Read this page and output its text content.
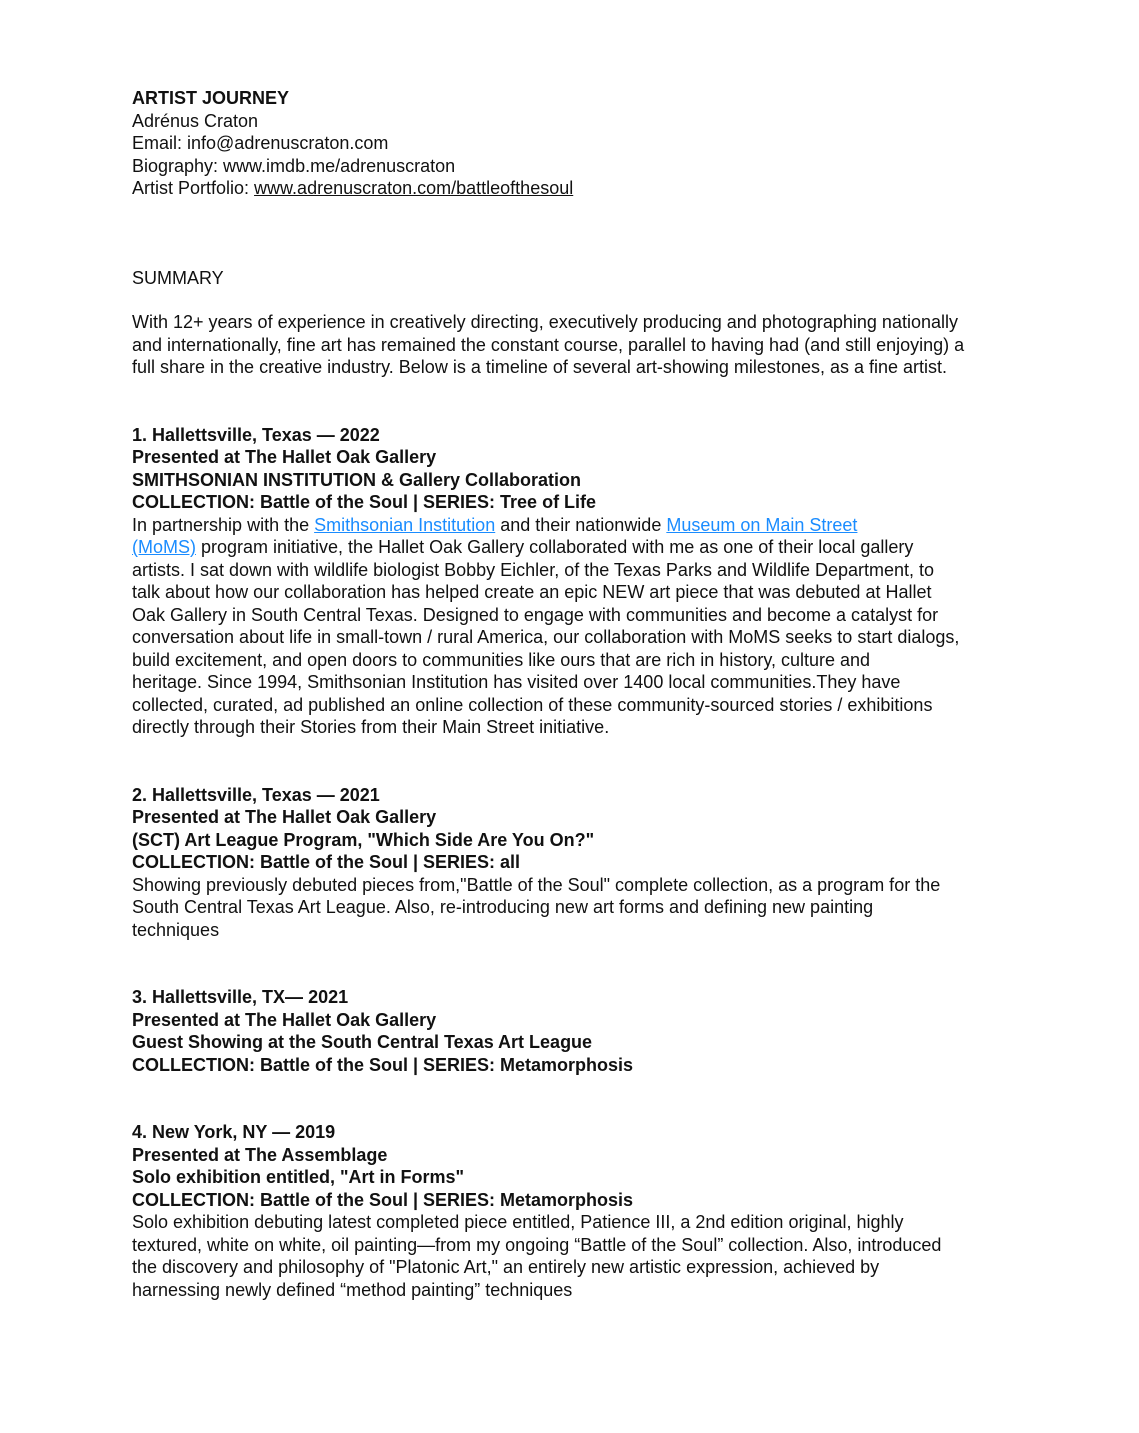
ARTIST JOURNEY

Adrénus Craton

Email: info@adrenuscraton.com

Biography: www.imdb.me/adrenuscraton

Artist Portfolio: www.adrenuscraton.com/battleofthesoul

SUMMARY

With 12+ years of experience in creatively directing, executively producing and photographing nationally

and internationally, fine art has remained the constant course, parallel to having had (and still enjoying) a

full share in the creative industry. Below is a timeline of several art-showing milestones, as a fine artist.

1. Hallettsville, Texas — 2022

Presented at The Hallet Oak Gallery

SMITHSONIAN INSTITUTION & Gallery Collaboration

COLLECTION: Battle of the Soul | SERIES: Tree of Life

In partnership with the Smithsonian Institution and their nationwide Museum on Main Street

(MoMS) program initiative, the Hallet Oak Gallery collaborated with me as one of their local gallery

artists. I sat down with wildlife biologist Bobby Eichler, of the Texas Parks and Wildlife Department, to

talk about how our collaboration has helped create an epic NEW art piece that was debuted at Hallet

Oak Gallery in South Central Texas. Designed to engage with communities and become a catalyst for

conversation about life in small-town / rural America, our collaboration with MoMS seeks to start dialogs,

build excitement, and open doors to communities like ours that are rich in history, culture and

heritage. Since 1994, Smithsonian Institution has visited over 1400 local communities.They have

collected, curated, ad published an online collection of these community-sourced stories / exhibitions

directly through their Stories from their Main Street initiative.

2. Hallettsville, Texas — 2021

Presented at The Hallet Oak Gallery

(SCT) Art League Program, "Which Side Are You On?"

COLLECTION: Battle of the Soul | SERIES: all

Showing previously debuted pieces from,"Battle of the Soul" complete collection, as a program for the

South Central Texas Art League. Also, re-introducing new art forms and defining new painting

techniques

3. Hallettsville, TX— 2021

Presented at The Hallet Oak Gallery

Guest Showing at the South Central Texas Art League

COLLECTION: Battle of the Soul | SERIES: Metamorphosis

4. New York, NY — 2019

Presented at The Assemblage

Solo exhibition entitled, "Art in Forms"

COLLECTION: Battle of the Soul | SERIES: Metamorphosis

Solo exhibition debuting latest completed piece entitled, Patience III, a 2nd edition original, highly

textured, white on white, oil painting—from my ongoing “Battle of the Soul” collection. Also, introduced

the discovery and philosophy of "Platonic Art," an entirely new artistic expression, achieved by

harnessing newly defined “method painting” techniques
